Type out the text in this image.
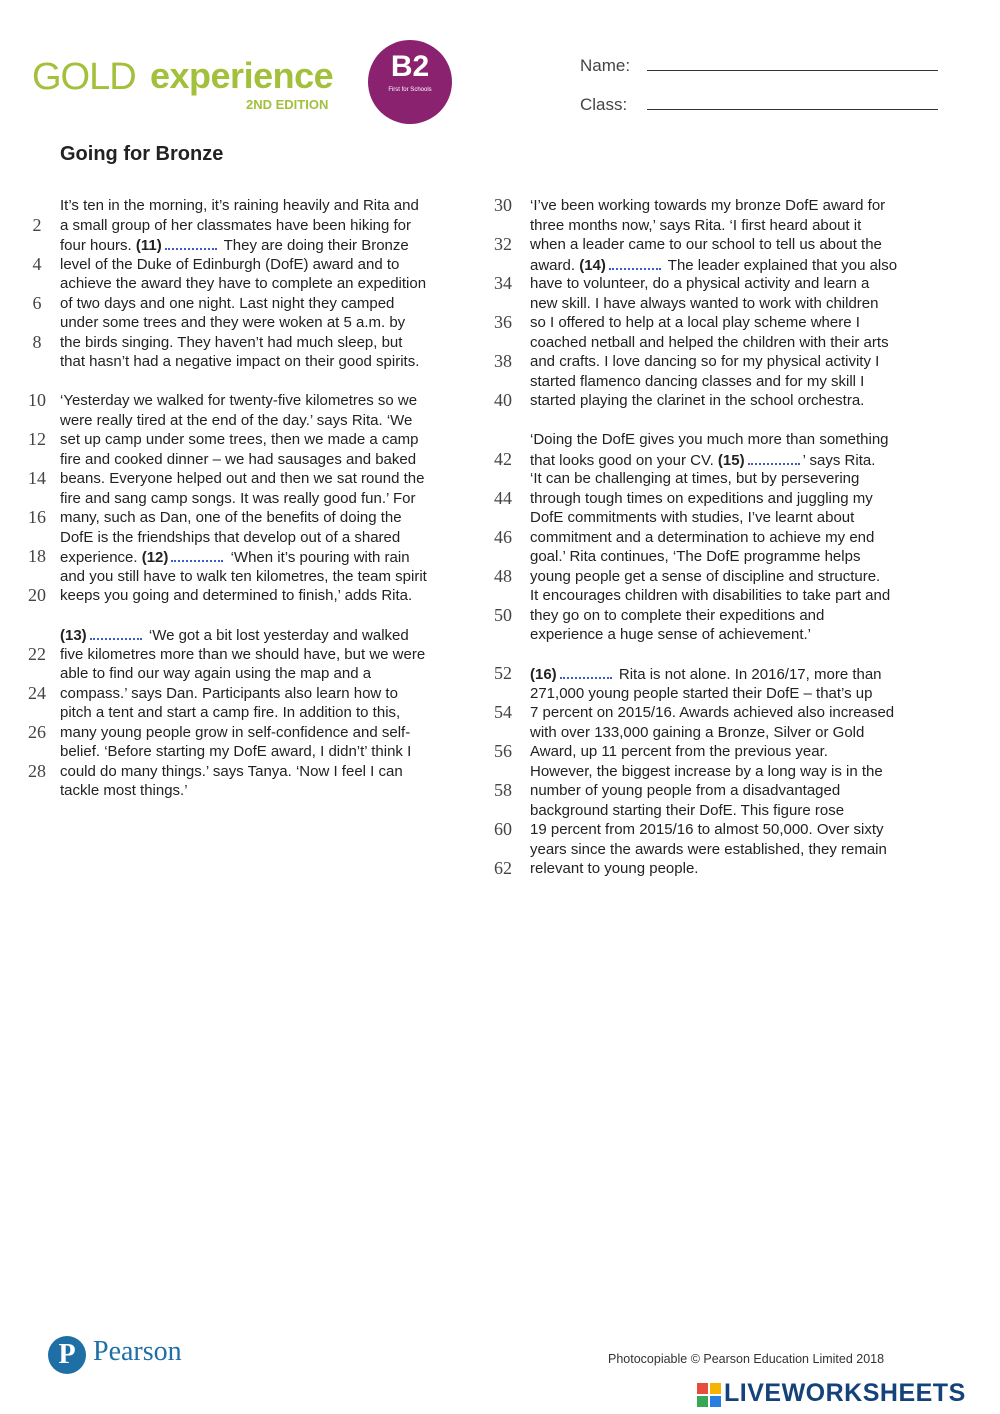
GOLD experience
2ND EDITION
B2
First for Schools
Name:
Class:
Going for Bronze
It’s ten in the morning, it’s raining heavily and Rita and
2	a small group of her classmates have been hiking for
four hours. (11)	They are doing their Bronze
4	level of the Duke of Edinburgh (DofE) award and to
achieve the award they have to complete an expedition
6	of two days and one night. Last night they camped
under some trees and they were woken at 5 a.m. by
8	the birds singing. They haven’t had much sleep, but
that hasn’t had a negative impact on their good spirits.
10 ‘Yesterday we walked for twenty-five kilometres so we
were really tired at the end of the day.’ says Rita. ‘We
12 set up camp under some trees, then we made a camp
fire and cooked dinner – we had sausages and baked
14 beans. Everyone helped out and then we sat round the
fire and sang camp songs. It was really good fun.’ For
16 many, such as Dan, one of the benefits of doing the
DofE is the friendships that develop out of a shared
18 experience. (12)	‘When it’s pouring with rain
and you still have to walk ten kilometres, the team spirit
20 keeps you going and determined to finish,’ adds Rita.
(13)	‘We got a bit lost yesterday and walked
22 five kilometres more than we should have, but we were
able to find our way again using the map and a
24 compass.’ says Dan. Participants also learn how to
pitch a tent and start a camp fire. In addition to this,
26 many young people grow in self-confidence and self-
belief. ‘Before starting my DofE award, I didn’t’ think I
28 could do many things.’ says Tanya. ‘Now I feel I can
tackle most things.’
30 ‘I’ve been working towards my bronze DofE award for
three months now,’ says Rita. ‘I first heard about it
32 when a leader came to our school to tell us about the
award. (14)	The leader explained that you also
34 have to volunteer, do a physical activity and learn a
new skill. I have always wanted to work with children
36 so I offered to help at a local play scheme where I
coached netball and helped the children with their arts
38 and crafts. I love dancing so for my physical activity I
started flamenco dancing classes and for my skill I
40 started playing the clarinet in the school orchestra.
‘Doing the DofE gives you much more than something
42 that looks good on your CV. (15)	’ says Rita.
‘It can be challenging at times, but by persevering
44 through tough times on expeditions and juggling my
DofE commitments with studies, I’ve learnt about
46 commitment and a determination to achieve my end
goal.’ Rita continues, ‘The DofE programme helps
48 young people get a sense of discipline and structure.
It encourages children with disabilities to take part and
50 they go on to complete their expeditions and
experience a huge sense of achievement.’
52 (16)	Rita is not alone. In 2016/17, more than
271,000 young people started their DofE – that’s up
54 7 percent on 2015/16. Awards achieved also increased
with over 133,000 gaining a Bronze, Silver or Gold
56 Award, up 11 percent from the previous year.
However, the biggest increase by a long way is in the
58 number of young people from a disadvantaged
background starting their DofE. This figure rose
60 19 percent from 2015/16 to almost 50,000. Over sixty
years since the awards were established, they remain
62 relevant to young people.
P Pearson	Photocopiable © Pearson Education Limited 2018
LIVEWORKSHEETS
